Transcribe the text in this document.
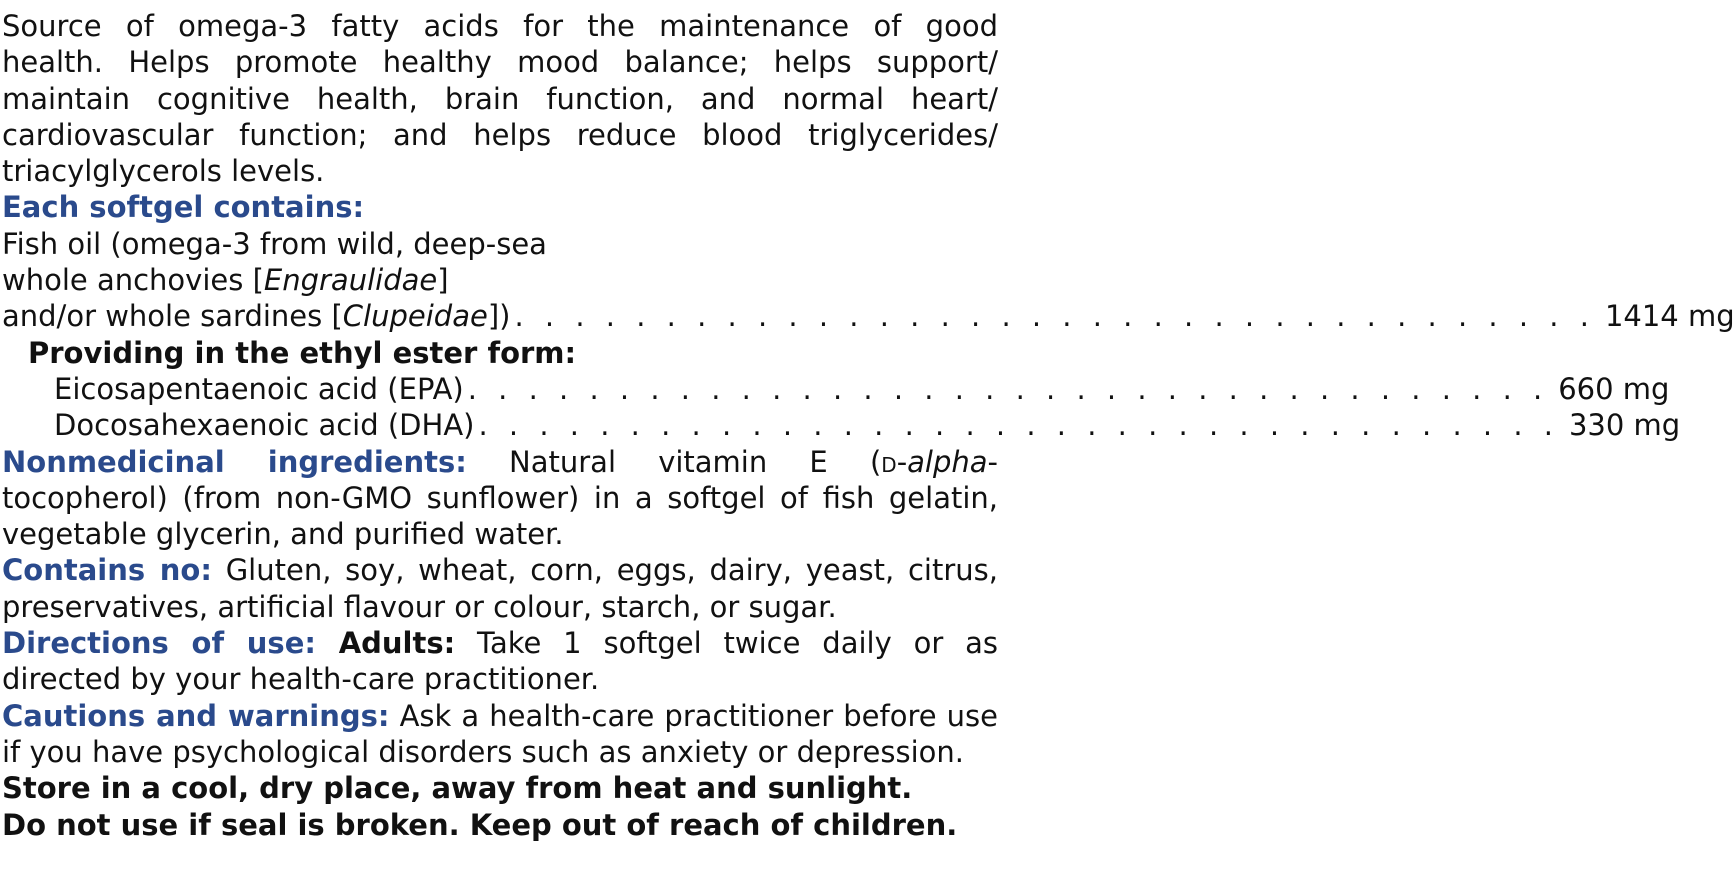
Source of omega-3 fatty acids for the maintenance of good
health. Helps promote healthy mood balance; helps support/
maintain cognitive health, brain function, and normal heart/
cardiovascular function; and helps reduce blood triglycerides/
triacylglycerols levels.
Each softgel contains:
Fish oil (omega-3 from wild, deep-sea
whole anchovies [Engraulidae]
and/or whole sardines [Clupeidae]) . . . . . . . . . . . . . . . . . . . . . . . . . . . . . . . . . . . . 1414 mg
Providing in the ethyl ester form:
Eicosapentaenoic acid (EPA) . . . . . . . . . . . . . . . . . . . . . . . . . . . . . . . . . . . . 660 mg
Docosahexaenoic acid (DHA) . . . . . . . . . . . . . . . . . . . . . . . . . . . . . . . . . . . . 330 mg
Nonmedicinal ingredients: Natural vitamin E (d-alpha-tocopherol) (from non-GMO sunflower) in a softgel of fish gelatin, vegetable glycerin, and purified water.
Contains no: Gluten, soy, wheat, corn, eggs, dairy, yeast, citrus, preservatives, artificial flavour or colour, starch, or sugar.
Directions of use: Adults: Take 1 softgel twice daily or as directed by your health-care practitioner.
Cautions and warnings: Ask a health-care practitioner before use if you have psychological disorders such as anxiety or depression.
Store in a cool, dry place, away from heat and sunlight.
Do not use if seal is broken. Keep out of reach of children.
